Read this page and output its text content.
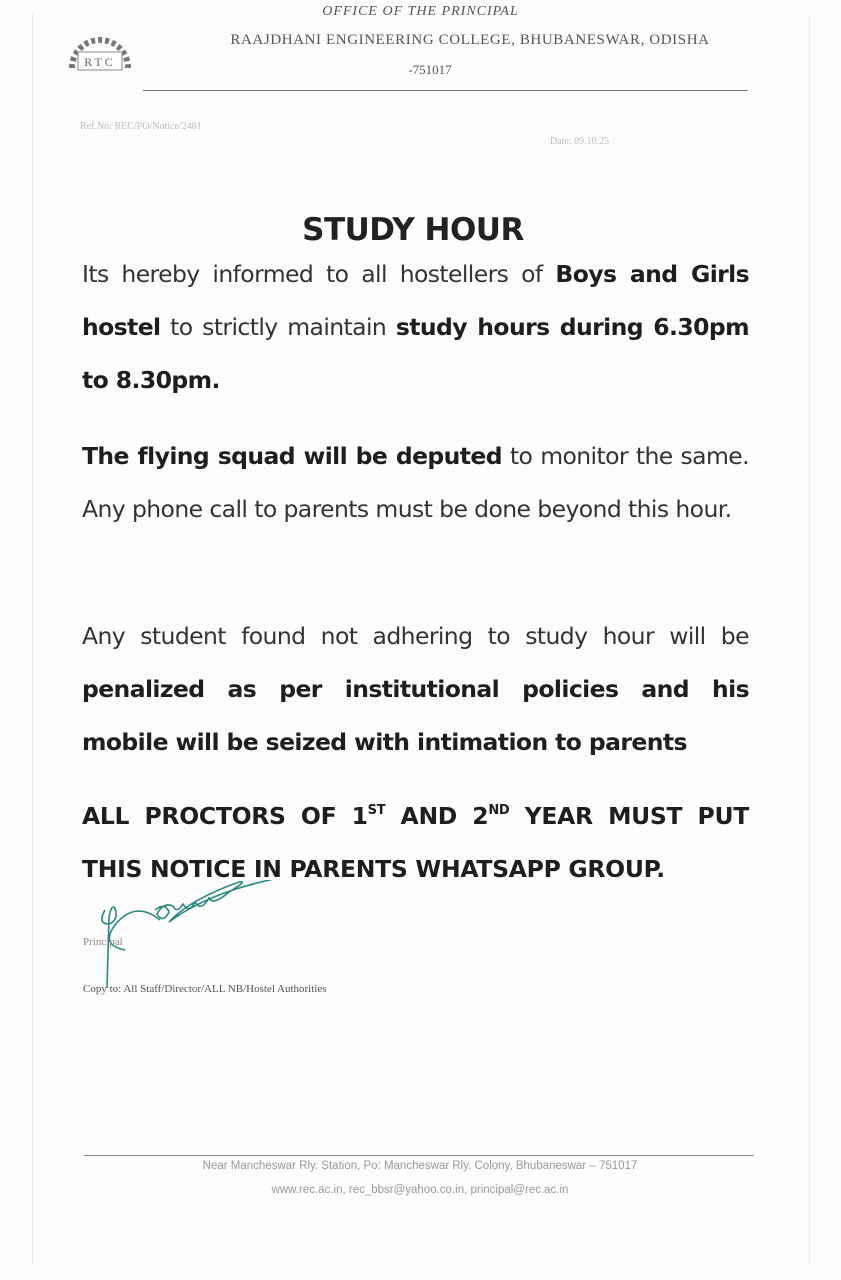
RTC
OFFICE OF THE PRINCIPAL
RAAJDHANI ENGINEERING COLLEGE, BHUBANESWAR, ODISHA
-751017
Ref.No: REC/PO/Notice/2481
Date: 09.10.25
STUDY HOUR
Its hereby informed to all hostellers of Boys and Girls hostel to strictly maintain study hours during 6.30pm to 8.30pm.
The flying squad will be deputed to monitor the same. Any phone call to parents must be done beyond this hour.
Any student found not adhering to study hour will be penalized as per institutional policies and his mobile will be seized with intimation to parents
ALL PROCTORS OF 1ST AND 2ND YEAR MUST PUT THIS NOTICE IN PARENTS WHATSAPP GROUP.
Principal
Copy to: All Staff/Director/ALL NB/Hostel Authorities
Near Mancheswar Rly. Station, Po: Mancheswar Rly. Colony, Bhubaneswar – 751017
www.rec.ac.in, rec_bbsr@yahoo.co.in, principal@rec.ac.in
